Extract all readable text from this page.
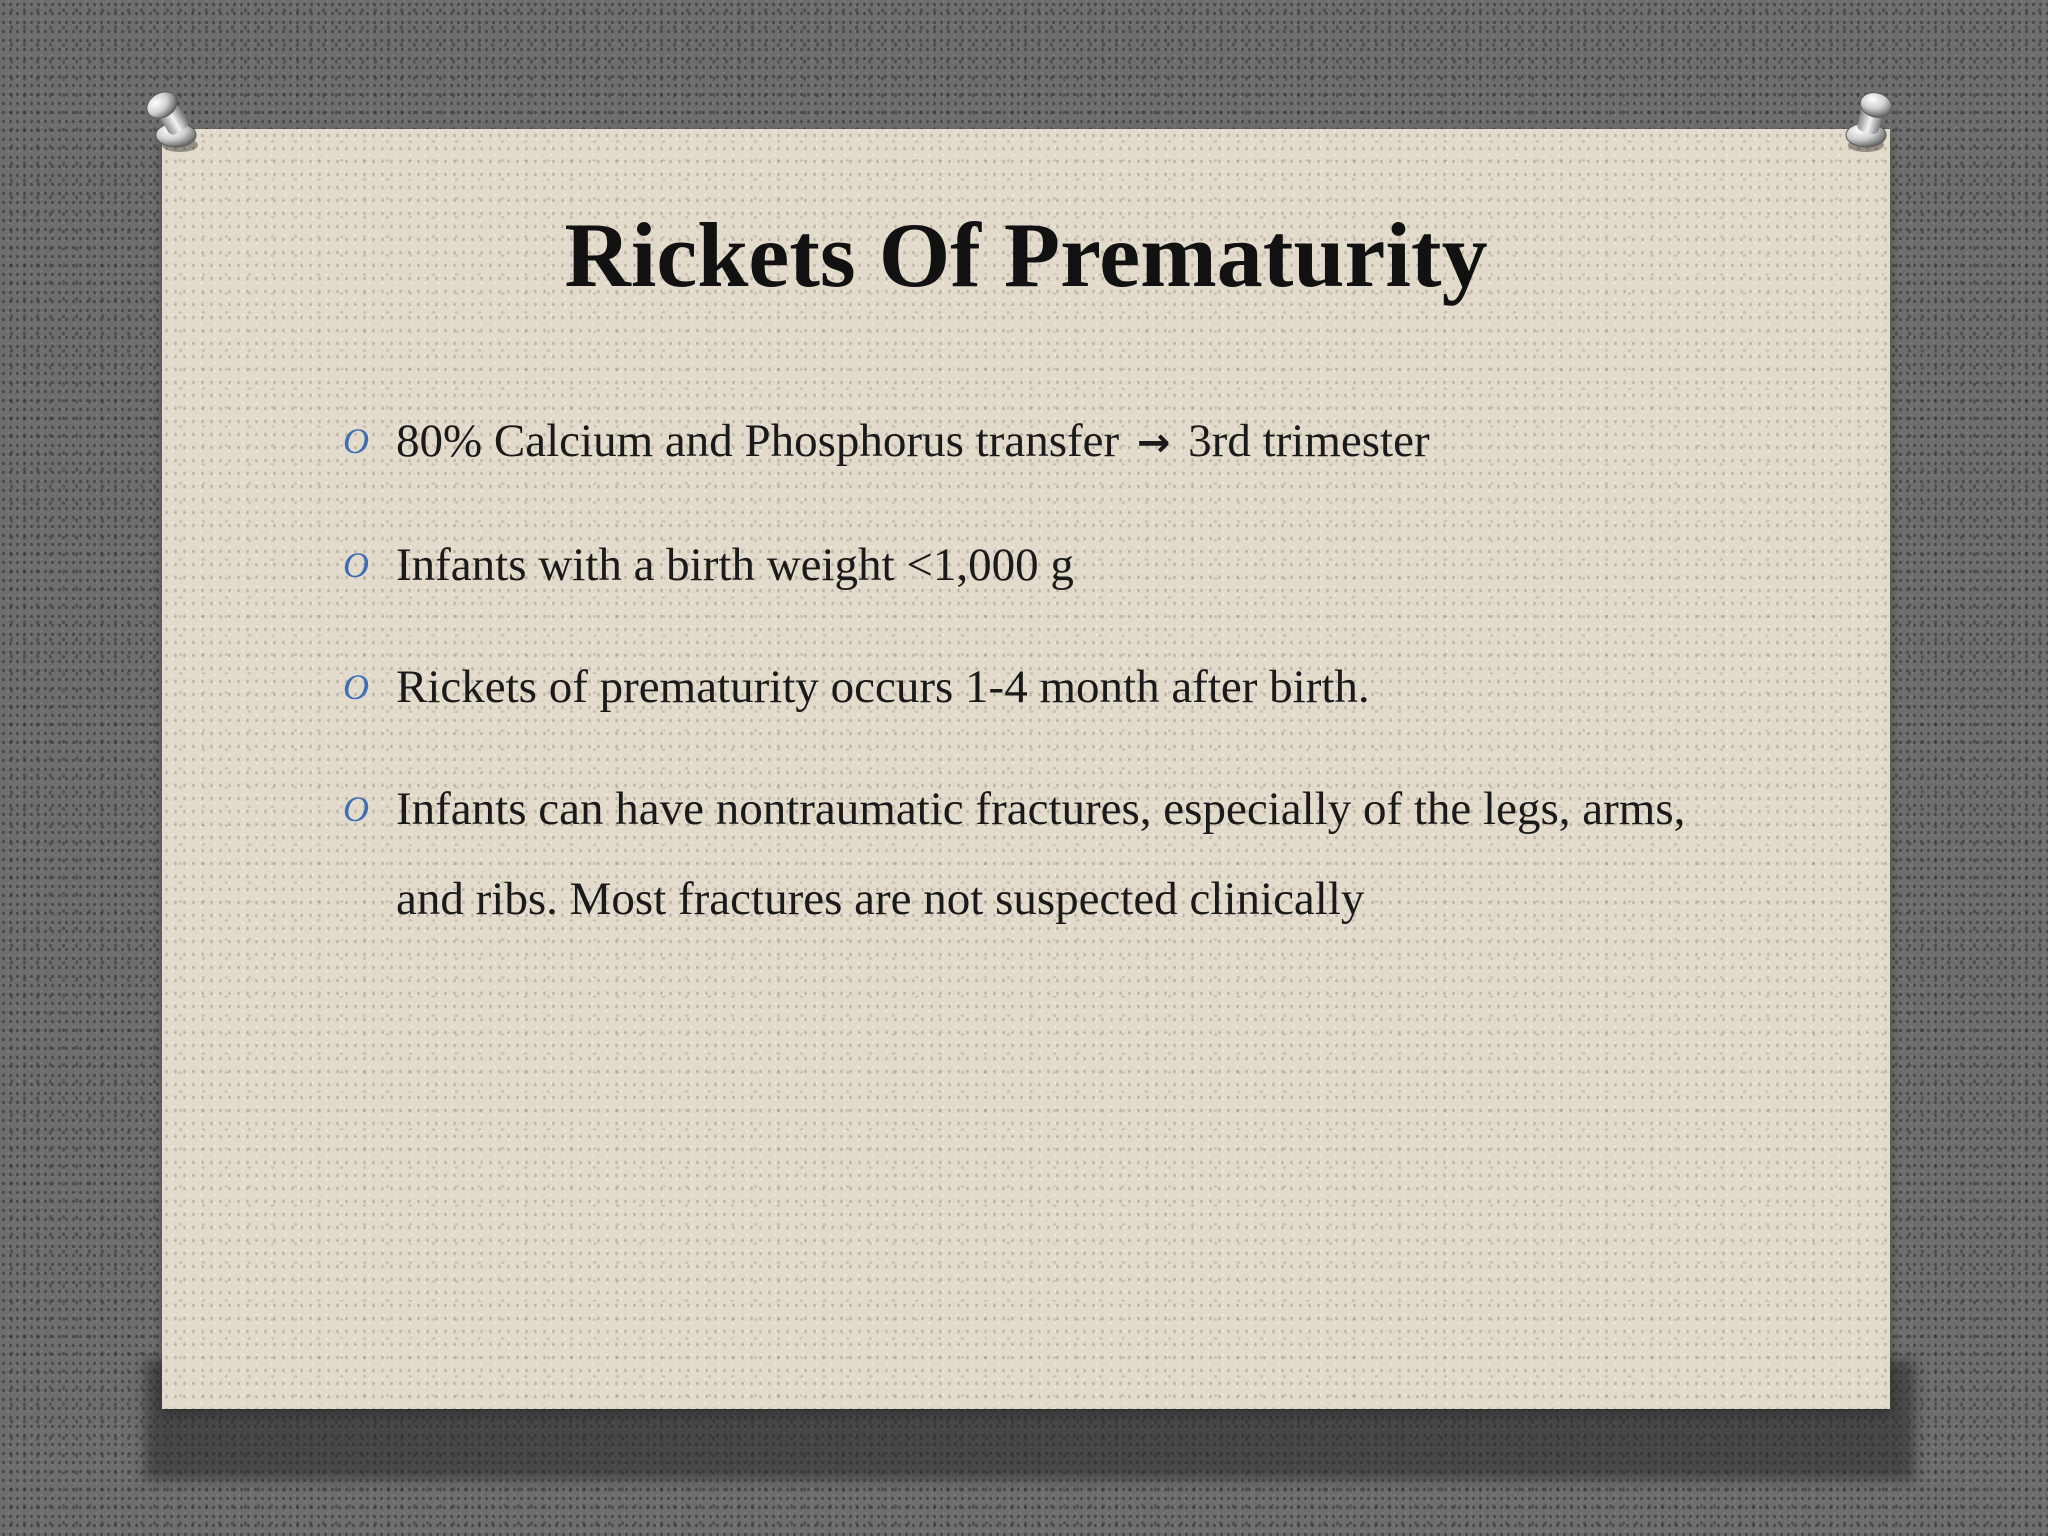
Rickets Of Prematurity
O 80% Calcium and Phosphorus transfer → 3rd trimester
O Infants with a birth weight <1,000 g
O Rickets of prematurity occurs 1-4 month after birth.
O Infants can have nontraumatic fractures, especially of the legs, arms, and ribs. Most fractures are not suspected clinically
